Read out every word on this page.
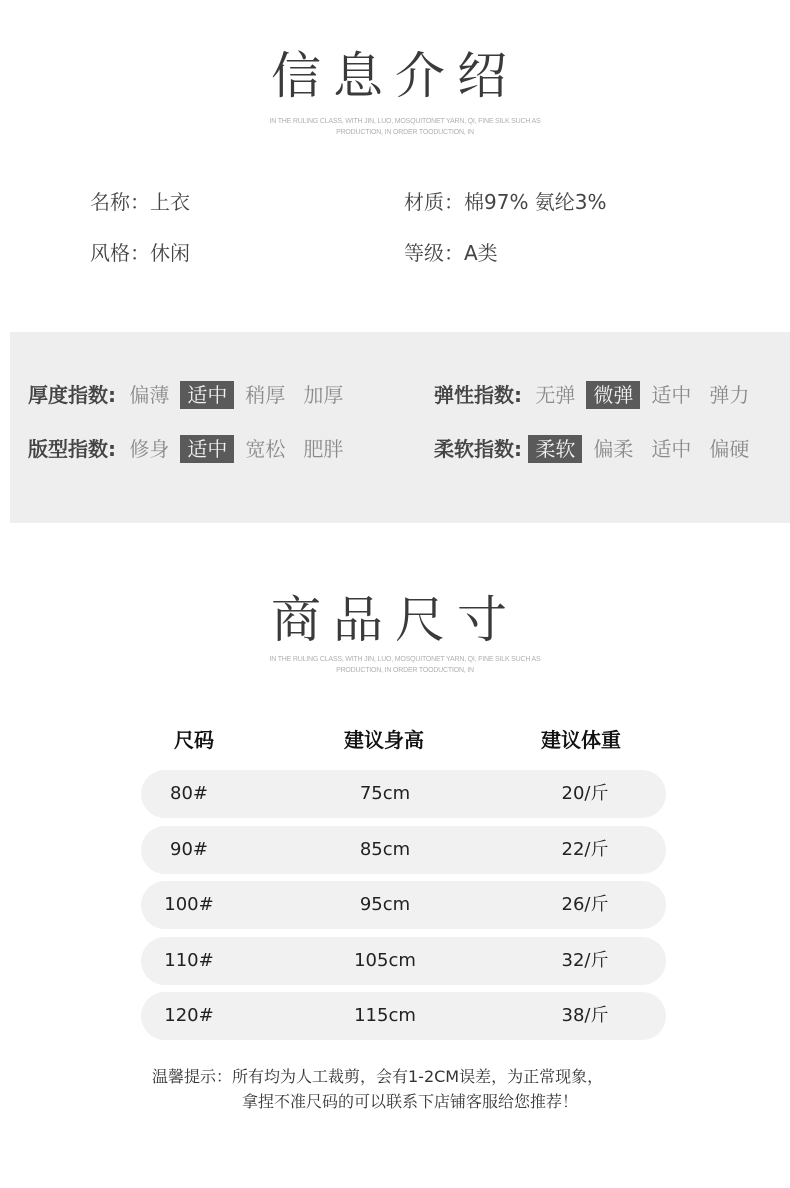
信息介绍
IN THE RULING CLASS, WITH JIN, LUO, MOSQUITONET YARN, QI, FINE SILK SUCH AS
PRODUCTION, IN ORDER TOODUCTION, IN
名称：上衣	材质：棉97% 氨纶3%
风格：休闲	等级：A类
厚度指数: 偏薄 适中 稍厚 加厚	弹性指数: 无弹 微弹 适中 弹力
版型指数: 修身 适中 宽松 肥胖	柔软指数: 柔软 偏柔 适中 偏硬
商品尺寸
IN THE RULING CLASS, WITH JIN, LUO, MOSQUITONET YARN, QI, FINE SILK SUCH AS
PRODUCTION, IN ORDER TOODUCTION, IN
尺码	建议身高	建议体重
80#	75cm	20/斤
90#	85cm	22/斤
100#	95cm	26/斤
110#	105cm	32/斤
120#	115cm	38/斤
温馨提示：所有均为人工裁剪，会有1-2CM误差，为正常现象，
拿捏不准尺码的可以联系下店铺客服给您推荐！
